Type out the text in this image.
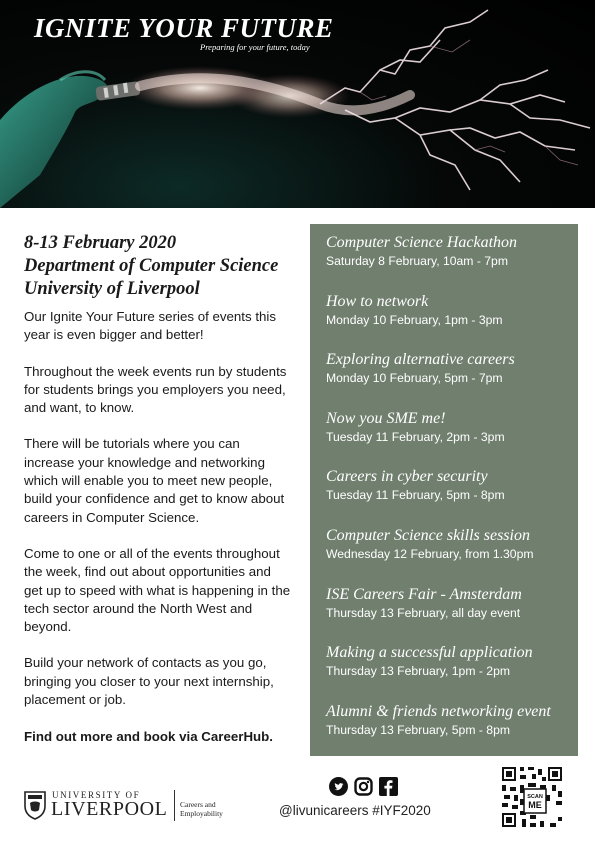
IGNITE YOUR FUTURE
Preparing for your future, today

8-13 February 2020

Department of Computer Science

University of Liverpool

Our Ignite Your Future series of events this year is even bigger and better!

Throughout the week events run by students for students brings you employers you need, and want, to know.

There will be tutorials where you can increase your knowledge and networking which will enable you to meet new people, build your confidence and get to know about careers in Computer Science.

Come to one or all of the events throughout the week, find out about opportunities and get up to speed with what is happening in the tech sector around the North West and beyond.

Build your network of contacts as you go, bringing you closer to your next internship, placement or job.

Find out more and book via CareerHub.

Computer Science Hackathon
Saturday 8 February, 10am - 7pm
How to network
Monday 10 February, 1pm - 3pm
Exploring alternative careers
Monday 10 February, 5pm - 7pm
Now you SME me!
Tuesday 11 February, 2pm - 3pm
Careers in cyber security
Tuesday 11 February, 5pm - 8pm
Computer Science skills session
Wednesday 12 February, from 1.30pm
ISE Careers Fair - Amsterdam
Thursday 13 February, all day event
Making a successful application
Thursday 13 February, 1pm - 2pm
Alumni & friends networking event
Thursday 13 February, 5pm - 8pm
UNIVERSITY OF
LIVERPOOL Careers and
Employability	@livunicareers #IYF2020
SCAN
ME
